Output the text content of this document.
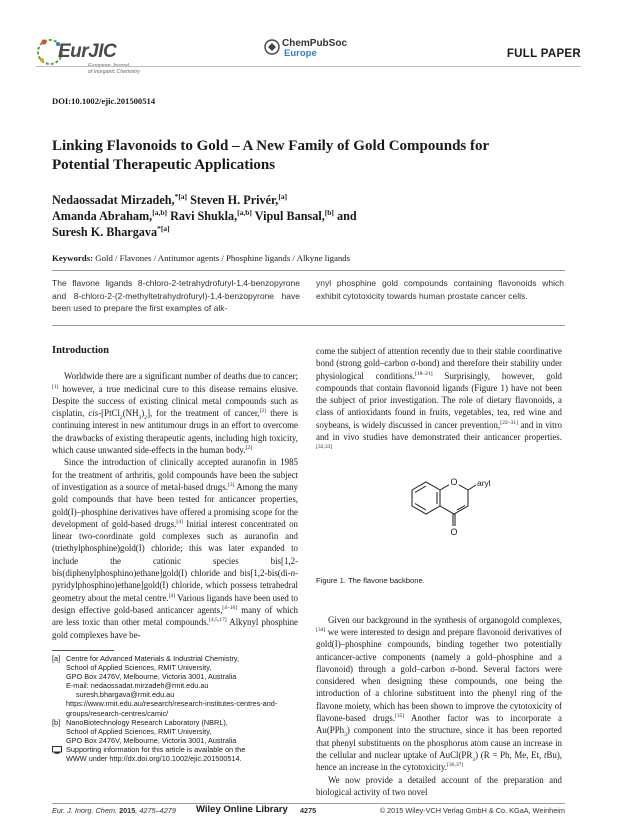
EurJIC
European Journal
of Inorganic Chemistry
ChemPubSoc
Europe	FULL PAPER
DOI:10.1002/ejic.201500514
Linking Flavonoids to Gold – A New Family of Gold Compounds for Potential Therapeutic Applications
Nedaossadat Mirzadeh,$^{*[a]}$ Steven H. Privér,[a]
Amanda Abraham,[a,b] Ravi Shukla,[a,b] Vipul Bansal,[b] and
Suresh K. Bhargava$^{*[a]}$
Keywords: Gold / Flavones / Antitumor agents / Phosphine ligands / Alkyne ligands
The flavone ligands 8-chloro-2-tetrahydrofuryl-1,4-benzopyrone and 8-chloro-2-(2-methyltetrahydrofuryl)-1,4-benzopyrone have been used to prepare the first examples of alk-
ynyl phosphine gold compounds containing flavonoids which exhibit cytotoxicity towards human prostate cancer cells.
Introduction

Worldwide there are a significant number of deaths due to cancer;[1] however, a true medicinal cure to this disease remains elusive. Despite the success of existing clinical metal compounds such as cisplatin, cis-$[PtCl_2(NH_3)_2]$, for the treatment of cancer,[2] there is continuing interest in new antitumour drugs in an effort to overcome the drawbacks of existing therapeutic agents, including high toxicity, which cause unwanted side-effects in the human body.[2]

Since the introduction of clinically accepted auranofin in 1985 for the treatment of arthritis, gold compounds have been the subject of investigation as a source of metal-based drugs.[3] Among the many gold compounds that have been tested for anticancer properties, gold(I)–phosphine derivatives have offered a promising scope for the development of gold-based drugs.[4] Initial interest concentrated on linear two-coordinate gold complexes such as auranofin and (triethylphosphine)gold(I) chloride; this was later expanded to include the cationic species bis[1,2-bis(diphenylphosphino)ethane]gold(I) chloride and bis[1,2-bis(di-n-pyridylphosphino)ethane]gold(I) chloride, which possess tetrahedral geometry about the metal centre.[4] Various ligands have been used to design effective gold-based anticancer agents,[4–16] many of which are less toxic than other metal compounds.[4,5,17] Alkynyl phosphine gold complexes have be-

come the subject of attention recently due to their stable coordinative bond (strong gold–carbon σ-bond) and therefore their stability under physiological conditions.[18–21] Surprisingly, however, gold compounds that contain flavonoid ligands (Figure 1) have not been the subject of prior investigation. The role of dietary flavonoids, a class of antioxidants found in fruits, vegetables, tea, red wine and soybeans, is widely discussed in cancer prevention,[22–31] and in vitro and in vivo studies have demonstrated their anticancer properties.[32,33]

O
O
aryl
Figure 1. The flavone backbone.

Given our background in the synthesis of organogold complexes,[34] we were interested to design and prepare flavonoid derivatives of gold(I)–phosphine compounds, binding together two potentially anticancer-active components (namely a gold–phosphine and a flavonoid) through a gold–carbon σ-bond. Several factors were considered when designing these compounds, one being the introduction of a chlorine substituent into the phenyl ring of the flavone moiety, which has been shown to improve the cytotoxicity of flavone-based drugs.[35] Another factor was to incorporate a Au(PPh$_3$) component into the structure, since it has been reported that phenyl substituents on the phosphorus atom cause an increase in the cellular and nuclear uptake of $AuCl(PR_3) (R = Ph$, Me, Et, tBu), hence an increase in the cytotoxicity.[36,37]

We now provide a detailed account of the preparation and biological activity of two novel

[a] Centre for Advanced Materials & Industrial Chemistry,
School of Applied Sciences, RMIT University,
GPO Box 2476V, Melbourne, Victoria 3001, Australia
E-mail: nedaossadat.mirzadeh@rmit.edu.au
suresh.bhargava@rmit.edu.au
https://www.rmit.edu.au/research/research-institutes-centres-and-groups/research-centres/camic/
[b] NanoBiotechnology Research Laboratory (NBRL),
School of Applied Sciences, RMIT University,
GPO Box 2476V, Melbourne, Victoria 3001, Australia
Supporting information for this article is available on the
WWW under http://dx.doi.org/10.1002/ejic.201500514.
Eur. J. Inorg. Chem. 2015, 4275–4279 Wiley Online Library 4275	© 2015 Wiley-VCH Verlag GmbH & Co. KGaA, Weinheim
